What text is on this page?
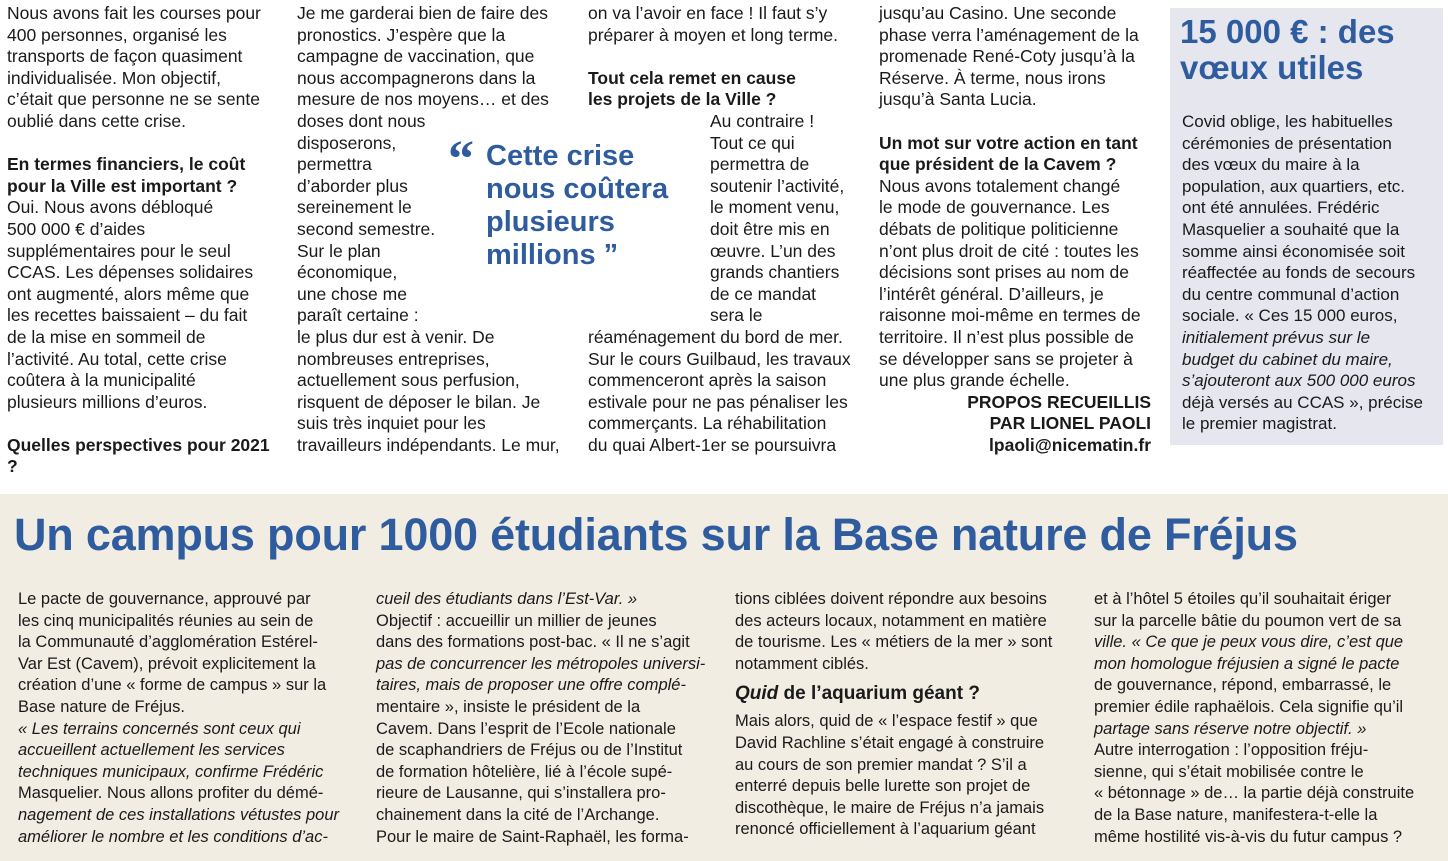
Nous avons fait les courses pour

400 personnes, organisé les

transports de façon quasiment

individualisée. Mon objectif,

c’était que personne ne se sente

oublié dans cette crise.

En termes financiers, le coût

pour la Ville est important ?

Oui. Nous avons débloqué

500 000 € d’aides

supplémentaires pour le seul

CCAS. Les dépenses solidaires

ont augmenté, alors même que

les recettes baissaient – du fait

de la mise en sommeil de

l’activité. Au total, cette crise

coûtera à la municipalité

plusieurs millions d’euros.

Quelles perspectives pour 2021 ?

Je me garderai bien de faire des

pronostics. J’espère que la

campagne de vaccination, que

nous accompagnerons dans la

mesure de nos moyens… et des

doses dont nous

disposerons,

permettra

d’aborder plus

sereinement le

second semestre.

Sur le plan

économique,

une chose me

paraît certaine :

le plus dur est à venir. De

nombreuses entreprises,

actuellement sous perfusion,

risquent de déposer le bilan. Je

suis très inquiet pour les

travailleurs indépendants. Le mur,

“ Cette crise
nous coûtera
plusieurs
millions ”

on va l’avoir en face ! Il faut s’y

préparer à moyen et long terme.

Tout cela remet en cause

les projets de la Ville ?

Au contraire !

Tout ce qui

permettra de

soutenir l’activité,

le moment venu,

doit être mis en

œuvre. L’un des

grands chantiers

de ce mandat

sera le

réaménagement du bord de mer.

Sur le cours Guilbaud, les travaux

commenceront après la saison

estivale pour ne pas pénaliser les

commerçants. La réhabilitation

du quai Albert-1er se poursuivra

jusqu’au Casino. Une seconde

phase verra l’aménagement de la

promenade René-Coty jusqu’à la

Réserve. À terme, nous irons

jusqu’à Santa Lucia.

Un mot sur votre action en tant

que président de la Cavem ?

Nous avons totalement changé

le mode de gouvernance. Les

débats de politique politicienne

n’ont plus droit de cité : toutes les

décisions sont prises au nom de

l’intérêt général. D’ailleurs, je

raisonne moi-même en termes de

territoire. Il n’est plus possible de

se développer sans se projeter à

une plus grande échelle.

PROPOS RECUEILLIS

PAR LIONEL PAOLI

lpaoli@nicematin.fr

15 000 € : des
vœux utiles
Covid oblige, les habituelles
cérémonies de présentation
des vœux du maire à la
population, aux quartiers, etc.
ont été annulées. Frédéric
Masquelier a souhaité que la
somme ainsi économisée soit
réaffectée au fonds de secours
du centre communal d’action
sociale. « Ces 15 000 euros,
initialement prévus sur le
budget du cabinet du maire,
s’ajouteront aux 500 000 euros
déjà versés au CCAS », précise
le premier magistrat.
Un campus pour 1000 étudiants sur la Base nature de Fréjus

Le pacte de gouvernance, approuvé par

les cinq municipalités réunies au sein de

la Communauté d’agglomération Estérel-

Var Est (Cavem), prévoit explicitement la

création d’une « forme de campus » sur la

Base nature de Fréjus.

« Les terrains concernés sont ceux qui

accueillent actuellement les services

techniques municipaux, confirme Frédéric

Masquelier. Nous allons profiter du démé-

nagement de ces installations vétustes pour

améliorer le nombre et les conditions d’ac-

cueil des étudiants dans l’Est-Var. »

Objectif : accueillir un millier de jeunes

dans des formations post-bac. « Il ne s’agit

pas de concurrencer les métropoles universi-

taires, mais de proposer une offre complé-

mentaire », insiste le président de la

Cavem. Dans l’esprit de l’Ecole nationale

de scaphandriers de Fréjus ou de l’Institut

de formation hôtelière, lié à l’école supé-

rieure de Lausanne, qui s’installera pro-

chainement dans la cité de l’Archange.

Pour le maire de Saint-Raphaël, les forma-

tions ciblées doivent répondre aux besoins

des acteurs locaux, notamment en matière

de tourisme. Les « métiers de la mer » sont

notamment ciblés.

Quid de l’aquarium géant ?

Mais alors, quid de « l’espace festif » que

David Rachline s’était engagé à construire

au cours de son premier mandat ? S’il a

enterré depuis belle lurette son projet de

discothèque, le maire de Fréjus n’a jamais

renoncé officiellement à l’aquarium géant

et à l’hôtel 5 étoiles qu’il souhaitait ériger

sur la parcelle bâtie du poumon vert de sa

ville. « Ce que je peux vous dire, c’est que

mon homologue fréjusien a signé le pacte

de gouvernance, répond, embarrassé, le

premier édile raphaëlois. Cela signifie qu’il

partage sans réserve notre objectif. »

Autre interrogation : l’opposition fréju-

sienne, qui s’était mobilisée contre le

« bétonnage » de… la partie déjà construite

de la Base nature, manifestera-t-elle la

même hostilité vis-à-vis du futur campus ?
